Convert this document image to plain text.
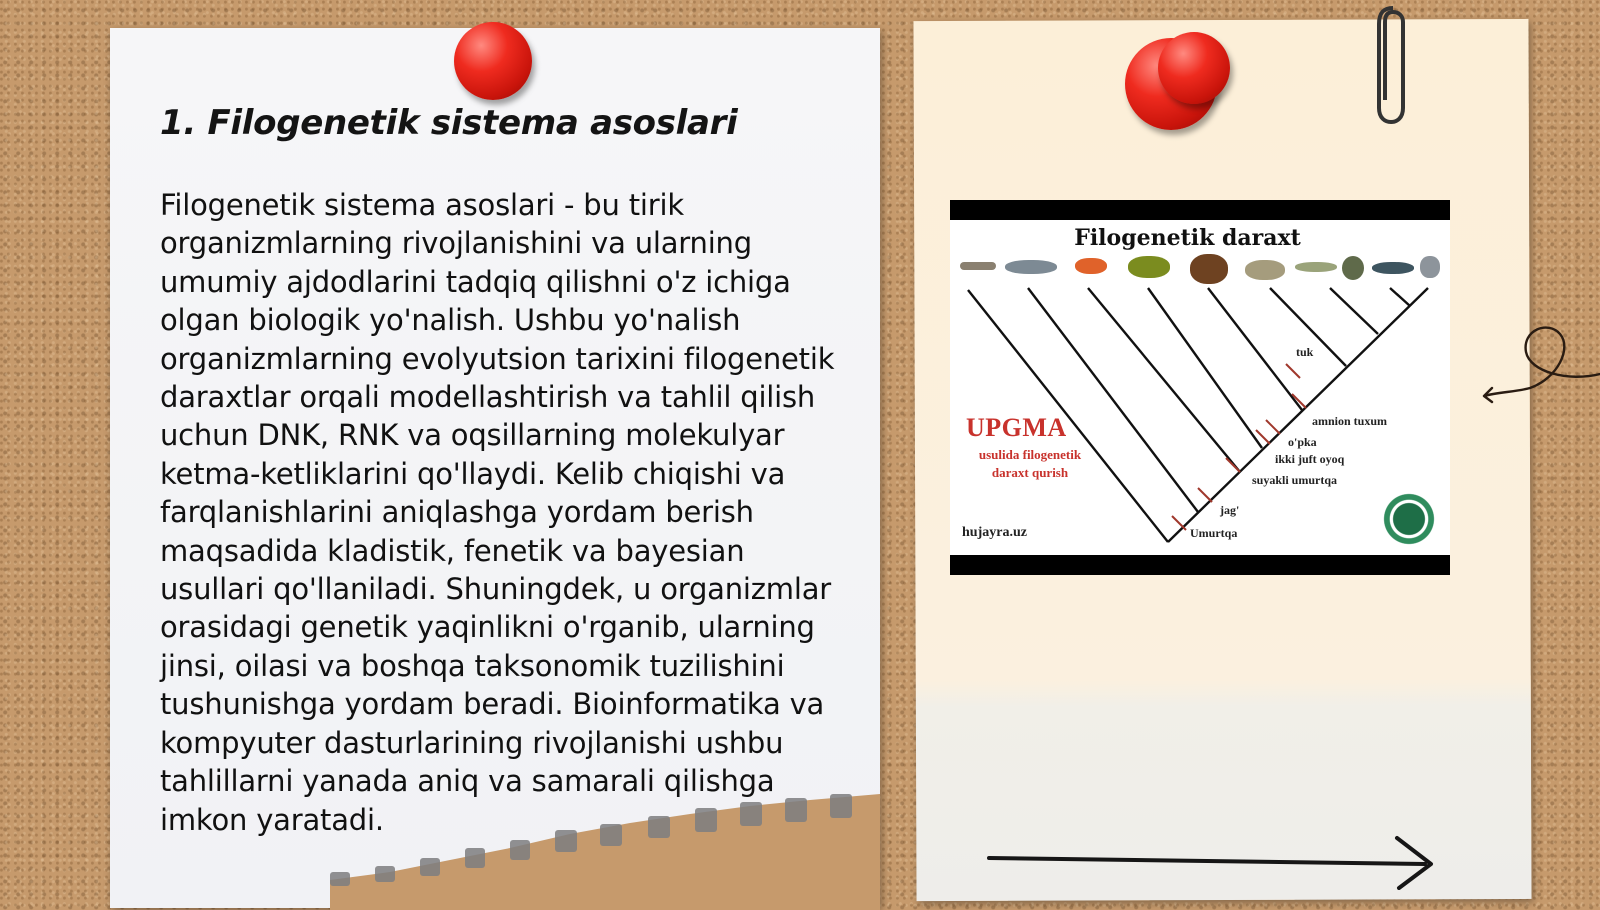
1. Filogenetik sistema asoslari

Filogenetik sistema asoslari - bu tirik organizmlarning rivojlanishini va ularning umumiy ajdodlarini tadqiq qilishni o'z ichiga olgan biologik yo'nalish. Ushbu yo'nalish organizmlarning evolyutsion tarixini filogenetik daraxtlar orqali modellashtirish va tahlil qilish uchun DNK, RNK va oqsillarning molekulyar ketma-ketliklarini qo'llaydi. Kelib chiqishi va farqlanishlarini aniqlashga yordam berish maqsadida kladistik, fenetik va bayesian usullari qo'llaniladi. Shuningdek, u organizmlar orasidagi genetik yaqinlikni o'rganib, ularning jinsi, oilasi va boshqa taksonomik tuzilishini tushunishga yordam beradi. Bioinformatika va kompyuter dasturlarining rivojlanishi ushbu tahlillarni yanada aniq va samarali qilishga imkon yaratadi.

Filogenetik daraxt
tuk
amnion tuxum
o'pka
ikki juft oyoq
suyakli umurtqa
jag'
Umurtqa
UPGMA
usulida filogenetik
daraxt qurish
hujayra.uz
